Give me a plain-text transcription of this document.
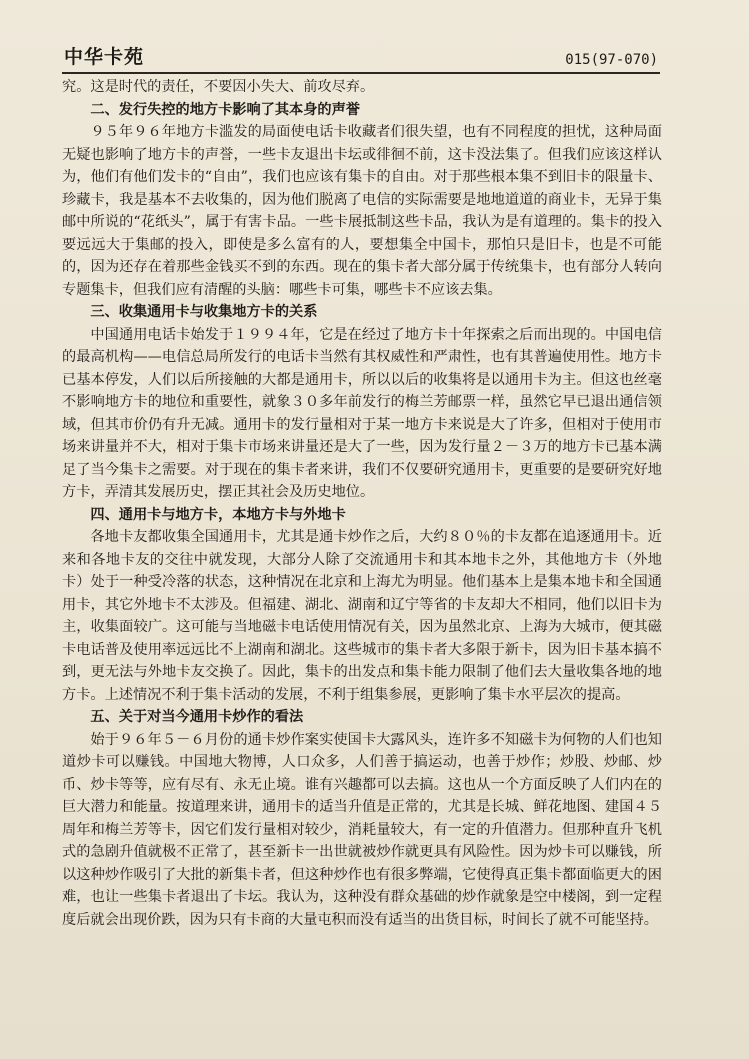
中华卡苑	015(97-070)

究。这是时代的责任，不要因小失大、前攻尽弃。

二、发行失控的地方卡影响了其本身的声誉

９５年９６年地方卡滥发的局面使电话卡收藏者们很失望，也有不同程度的担忧，这种局面无疑也影响了地方卡的声誉，一些卡友退出卡坛或徘徊不前，这卡没法集了。但我们应该这样认为，他们有他们发卡的“自由”，我们也应该有集卡的自由。对于那些根本集不到旧卡的限量卡、珍藏卡，我是基本不去收集的，因为他们脱离了电信的实际需要是地地道道的商业卡，无异于集邮中所说的“花纸头”，属于有害卡品。一些卡展抵制这些卡品，我认为是有道理的。集卡的投入要远远大于集邮的投入，即使是多么富有的人，要想集全中国卡，那怕只是旧卡，也是不可能的，因为还存在着那些金钱买不到的东西。现在的集卡者大部分属于传统集卡，也有部分人转向专题集卡，但我们应有清醒的头脑：哪些卡可集，哪些卡不应该去集。

三、收集通用卡与收集地方卡的关系

中国通用电话卡始发于１９９４年，它是在经过了地方卡十年探索之后而出现的。中国电信的最高机构——电信总局所发行的电话卡当然有其权威性和严肃性，也有其普遍使用性。地方卡已基本停发，人们以后所接触的大都是通用卡，所以以后的收集将是以通用卡为主。但这也丝毫不影响地方卡的地位和重要性，就象３０多年前发行的梅兰芳邮票一样，虽然它早已退出通信领域，但其市价仍有升无减。通用卡的发行量相对于某一地方卡来说是大了许多，但相对于使用市场来讲量并不大，相对于集卡市场来讲量还是大了一些，因为发行量２－３万的地方卡已基本满足了当今集卡之需要。对于现在的集卡者来讲，我们不仅要研究通用卡，更重要的是要研究好地方卡，弄清其发展历史，摆正其社会及历史地位。

四、通用卡与地方卡，本地方卡与外地卡

各地卡友都收集全国通用卡，尤其是通卡炒作之后，大约８０％的卡友都在追逐通用卡。近来和各地卡友的交往中就发现，大部分人除了交流通用卡和其本地卡之外，其他地方卡（外地卡）处于一种受冷落的状态，这种情况在北京和上海尤为明显。他们基本上是集本地卡和全国通用卡，其它外地卡不太涉及。但福建、湖北、湖南和辽宁等省的卡友却大不相同，他们以旧卡为主，收集面较广。这可能与当地磁卡电话使用情况有关，因为虽然北京、上海为大城市，便其磁卡电话普及使用率远远比不上湖南和湖北。这些城市的集卡者大多限于新卡，因为旧卡基本搞不到，更无法与外地卡友交换了。因此，集卡的出发点和集卡能力限制了他们去大量收集各地的地方卡。上述情况不利于集卡活动的发展，不利于组集参展，更影响了集卡水平层次的提高。

五、关于对当今通用卡炒作的看法

始于９６年５－６月份的通卡炒作案实使国卡大露风头，连许多不知磁卡为何物的人们也知道炒卡可以赚钱。中国地大物博，人口众多，人们善于搞运动，也善于炒作；炒股、炒邮、炒币、炒卡等等，应有尽有、永无止境。谁有兴趣都可以去搞。这也从一个方面反映了人们内在的巨大潜力和能量。按道理来讲，通用卡的适当升值是正常的，尤其是长城、鲜花地图、建国４５周年和梅兰芳等卡，因它们发行量相对较少，消耗量较大，有一定的升值潜力。但那种直升飞机式的急剧升值就极不正常了，甚至新卡一出世就被炒作就更具有风险性。因为炒卡可以赚钱，所以这种炒作吸引了大批的新集卡者，但这种炒作也有很多弊端，它使得真正集卡都面临更大的困难，也让一些集卡者退出了卡坛。我认为，这种没有群众基础的炒作就象是空中楼阁，到一定程度后就会出现价跌，因为只有卡商的大量屯积而没有适当的出货目标，时间长了就不可能坚持。
